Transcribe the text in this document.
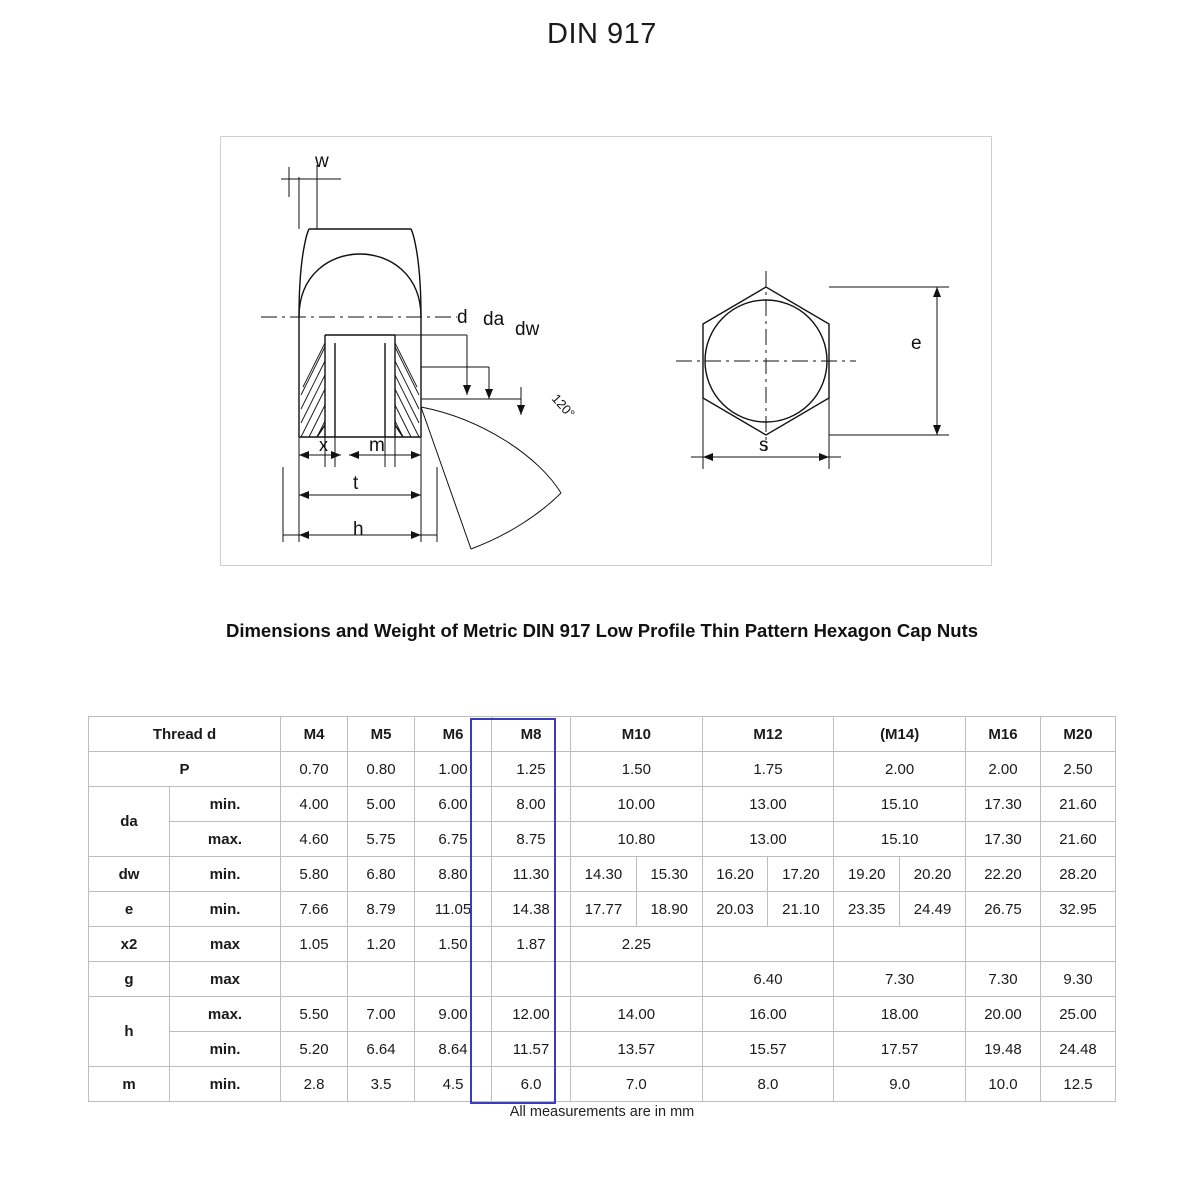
DIN 917
w
d da dw
x m
t
h
120°
e
s
Dimensions and Weight of Metric DIN 917 Low Profile Thin Pattern Hexagon Cap Nuts
Thread d		M4	M5	M6	M8	M10		M12		(M14)		M16	M20
P		0.70	0.80	1.00	1.25	1.50		1.75		2.00		2.00	2.50
da	min.	4.00	5.00	6.00	8.00	10.00		13.00		15.10		17.30	21.60
	max.	4.60	5.75	6.75	8.75	10.80		13.00		15.10		17.30	21.60
dw	min.	5.80	6.80	8.80	11.30	14.30	15.30	16.20	17.20	19.20	20.20	22.20	28.20
e	min.	7.66	8.79	11.05	14.38	17.77	18.90	20.03	21.10	23.35	24.49	26.75	32.95
x2	max	1.05	1.20	1.50	1.87	2.25							
g	max							6.40		7.30		7.30	9.30
h	max.	5.50	7.00	9.00	12.00	14.00		16.00		18.00		20.00	25.00
	min.	5.20	6.64	8.64	11.57	13.57		15.57		17.57		19.48	24.48
m	min.	2.8	3.5	4.5	6.0	7.0		8.0		9.0		10.0	12.5
All measurements are in mm
